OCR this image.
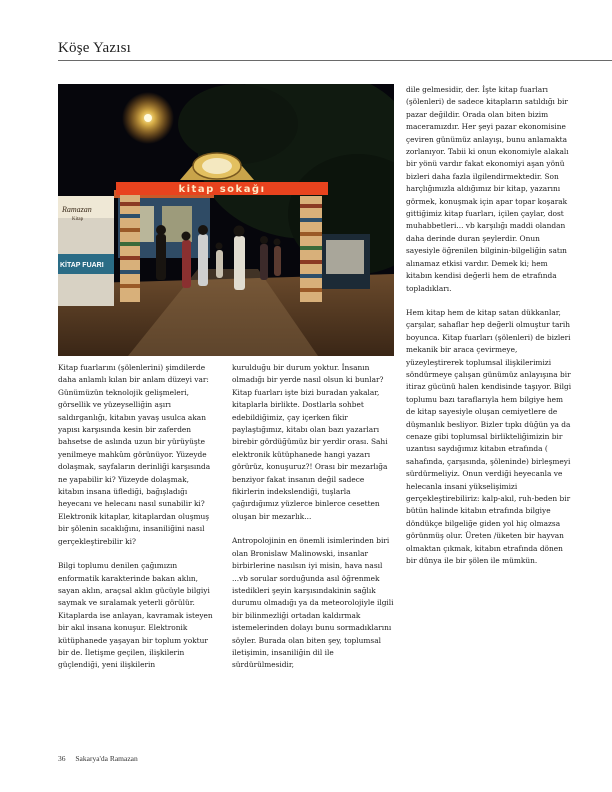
Köşe Yazısı
Ramazan
Kitap
KİTAP FUARI
kitap sokağı

Kitap fuarlarını (şölenlerini) şimdilerde daha anlamlı kılan bir anlam düzeyi var: Günümüzün teknolojik gelişmeleri, görsellik ve yüzeyselliğin aşırı saldırganlığı, kitabın yavaş usulca akan yapısı karşısında kesin bir zaferden bahsetse de aslında uzun bir yürüyüşte yenilmeye mahkûm görünüyor. Yüzeyde dolaşmak, sayfaların derinliği karşısında ne yapabilir ki? Yüzeyde dolaşmak, kitabın insana üflediği, bağışladığı heyecanı ve helecanı nasıl sunabilir ki? Elektronik kitaplar, kitaplardan oluşmuş bir şölenin sıcaklığını, insaniliğini nasıl gerçekleştirebilir ki?

Bilgi toplumu denilen çağımızın enformatik karakterinde bakan aklın, sayan aklın, araçsal aklın gücüyle bilgiyi saymak ve sıralamak yeterli görülür. Kitaplarda ise anlayan, kavramak isteyen bir akıl insana konuşur. Elektronik kütüphanede yaşayan bir toplum yoktur bir de. İletişme geçilen, ilişkilerin güçlendiği, yeni ilişkilerin

kurulduğu bir durum yoktur. İnsanın olmadığı bir yerde nasıl olsun ki bunlar? Kitap fuarları işte bizi buradan yakalar, kitaplarla birlikte. Dostlarla sohbet edebildiğimiz, çay içerken fikir paylaştığımız, kitabı olan bazı yazarları birebir gördüğümüz bir yerdir orası. Sahi elektronik kütüphanede hangi yazarı görürüz, konuşuruz?! Orası bir mezarlığa benziyor fakat insanın değil sadece fikirlerin indekslendiği, tuşlarla çağırdığımız yüzlerce binlerce cesetten oluşan bir mezarlık...

Antropolojinin en önemli isimlerinden biri olan Bronislaw Malinowski, insanlar birbirlerine nasılsın iyi misin, hava nasıl ...vb sorular sorduğunda asıl öğrenmek istedikleri şeyin karşısındakinin sağlık durumu olmadığı ya da meteorolojiyle ilgili bir bilinmezliği ortadan kaldırmak istemelerinden dolayı bunu sormadıklarını söyler. Burada olan biten şey, toplumsal iletişimin, insaniliğin dil ile sürdürülmesidir,

dile gelmesidir, der. İşte kitap fuarları (şölenleri) de sadece kitapların satıldığı bir pazar değildir. Orada olan biten bizim maceramızdır. Her şeyi pazar ekonomisine çeviren günümüz anlayışı, bunu anlamakta zorlanıyor. Tabii ki onun ekonomiyle alakalı bir yönü vardır fakat ekonomiyi aşan yönü bizleri daha fazla ilgilendirmektedir. Son harçlığımızla aldığımız bir kitap, yazarını görmek, konuşmak için apar topar koşarak gittiğimiz kitap fuarları, içilen çaylar, dost muhabbetleri... vb karşılığı maddi olandan daha derinde duran şeylerdir. Onun sayesiyle öğrenilen bilginin-bilgeliğin satın alınamaz etkisi vardır. Demek ki; hem kitabın kendisi değerli hem de etrafında topladıkları.

Hem kitap hem de kitap satan dükkanlar, çarşılar, sahaflar hep değerli olmuştur tarih boyunca. Kitap fuarları (şölenleri) de bizleri mekanik bir araca çevirmeye, yüzeyleştirerek toplumsal ilişkilerimizi söndürmeye çalışan günümüz anlayışına bir itiraz gücünü halen kendisinde taşıyor. Bilgi toplumu bazı taraflarıyla hem bilgiye hem de kitap sayesiyle oluşan cemiyetlere de düşmanlık besliyor. Bizler tıpkı düğün ya da cenaze gibi toplumsal birlikteliğimizin bir uzantısı saydığımız kitabın etrafında ( sahafında, çarşısında, şöleninde) birleşmeyi sürdürmeliyiz. Onun verdiği heyecanla ve helecanla insani yükselişimizi gerçekleştirebiliriz: kalp-akıl, ruh-beden bir bütün halinde kitabın etrafında bilgiye döndükçe bilgeliğe giden yol hiç olmazsa görünmüş olur. Üreten /üketen bir hayvan olmaktan çıkmak, kitabın etrafında dönen bir dünya ile bir şölen ile mümkün.

36 Sakarya'da Ramazan
